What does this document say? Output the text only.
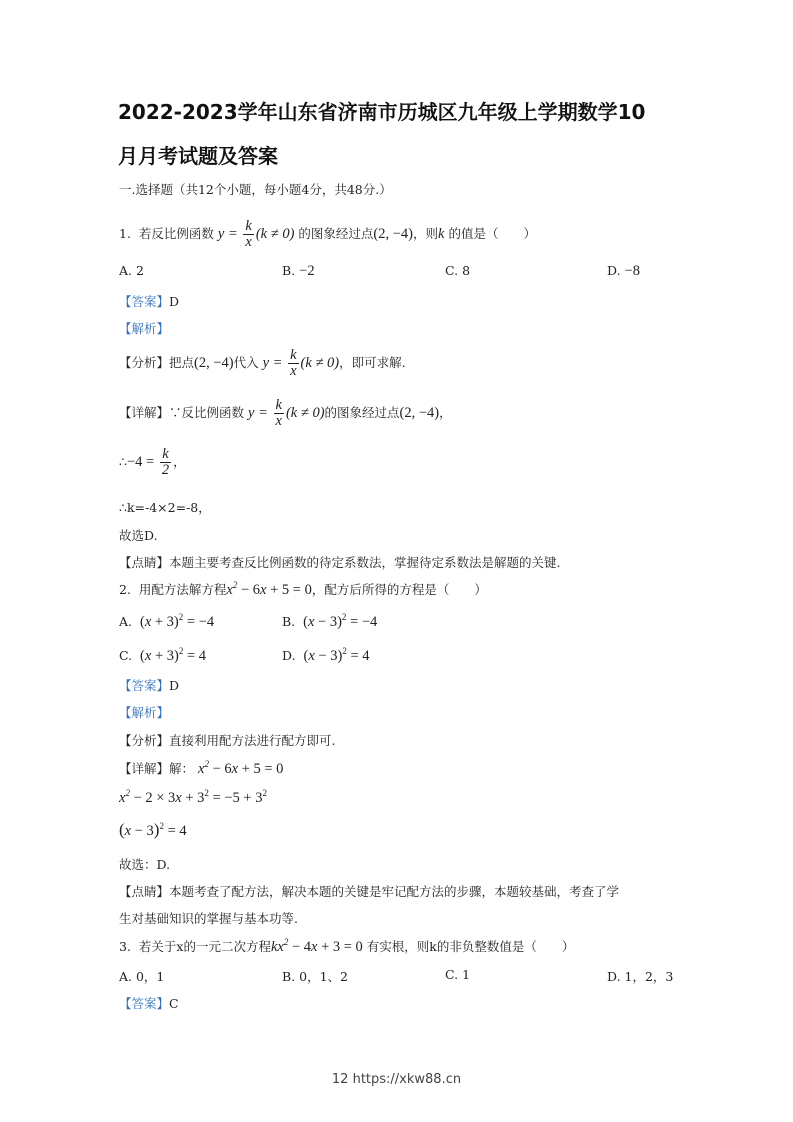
2022-2023学年山东省济南市历城区九年级上学期数学10
月月考试题及答案
一.选择题（共12个小题，每小题4分，共48分.）
1. 若反比例函数 $y = \frac{k}{x} (k \ne 0)$ 的图象经过点(2, −4)，则k 的值是（　　）
A. 2	B. −2	C. 8	D. −8
【答案】D
【解析】
【分析】把点(2, −4)代入 $y = \frac{k}{x} (k \ne 0)$，即可求解.
【详解】∵反比例函数 $y = \frac{k}{x} (k \ne 0)$的图象经过点(2, −4)，
∴−4 = $\frac{k}{2}$ ，
∴k=-4×2=-8，
故选D.
【点睛】本题主要考查反比例函数的待定系数法，掌握待定系数法是解题的关键.
2. 用配方法解方程$x^2 - 6x + 5 = 0$，配方后所得的方程是（　　）
A. $(x + 3)^2 = -4$	B. $(x - 3)^2 = -4$
C. $(x + 3)^2 = 4$	D. $(x - 3)^2 = 4$
【答案】D
【解析】
【分析】直接利用配方法进行配方即可.
【详解】解： $x^2 - 6x + 5 = 0$
$x^2 - 2 \times 3x + 3^2 = -5 + 3^2$
$(x - 3)^2 = 4$
故选：D.
【点睛】本题考查了配方法，解决本题的关键是牢记配方法的步骤，本题较基础，考查了学
生对基础知识的掌握与基本功等.
3. 若关于x的一元二次方程$kx^2 - 4x + 3 = 0$ 有实根，则k的非负整数值是（　　）
A. 0，1	B. 0，1、2	C. 1	D. 1，2，3
【答案】C
12 https://xkw88.cn
